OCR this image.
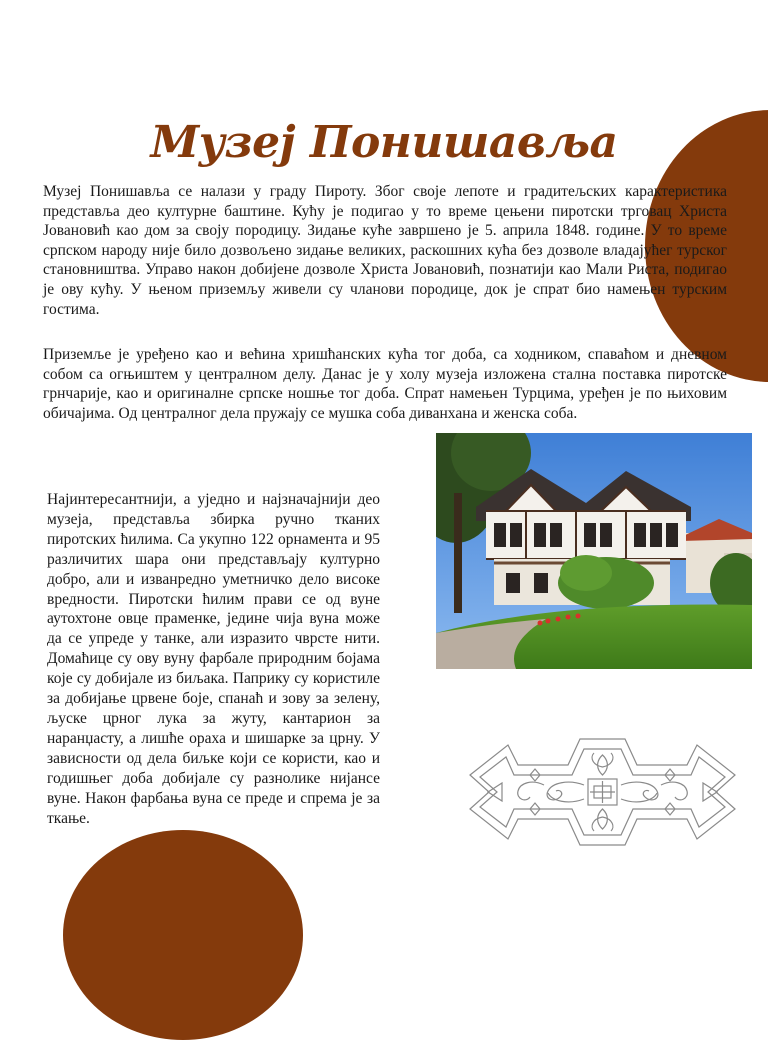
Музеј Понишављa

Музеј Понишавља се налази у граду Пироту. Због своје лепоте и градитељских карактеристика представља део културне баштине. Кућу је подигао у то време цењени пиротски трговац Христа Јовановић као дом за своју породицу. Зидање куће завршено је 5. априла 1848. године. У то време српском народу није било дозвољено зидање великих, раскошних кућа без дозволе владајућег турског становништва. Управо након добијене дозволе Христа Јовановић, познатији као Мали Риста, подигао је ову кућу. У њеном приземљу живели су чланови породице, док је спрат био намењен турским гостима.

Приземље је уређено као и већина хришћанских кућа тог доба, са ходником, спаваћом и дневном собом са огњиштем у централном делу. Данас је у холу музеја изложена стална поставка пиротске грнчарије, као и оригиналне српске ношње тог доба. Спрат намењен Турцима, уређен је по њиховим обичајима. Од централног дела пружају се мушка соба диванхана и женска соба.

Најинтересантнији, а уједно и најзначајнији део музеја, представља збирка ручно тканих пиротских ћилима. Са укупно 122 орнамента и 95 различитих шара они представљају културно добро, али и изванредно уметничко дело високе вредности. Пиротски ћилим прави се од вуне аутохтоне овце праменке, једине чија вуна може да се упреде у танке, али изразито чврсте нити. Домаћице су ову вуну фарбале природним бојама које су добијале из биљака. Паприку су користиле за добијање црвене боје, спанаћ и зову за зелену, љуске црног лука за жуту, кантарион за наранџасту, а лишће ораха и шишарке за црну. У зависности од дела биљке који се користи, као и годишњег доба добијале су разнолике нијансе вуне. Након фарбања вуна се преде и спрема је за ткање.
